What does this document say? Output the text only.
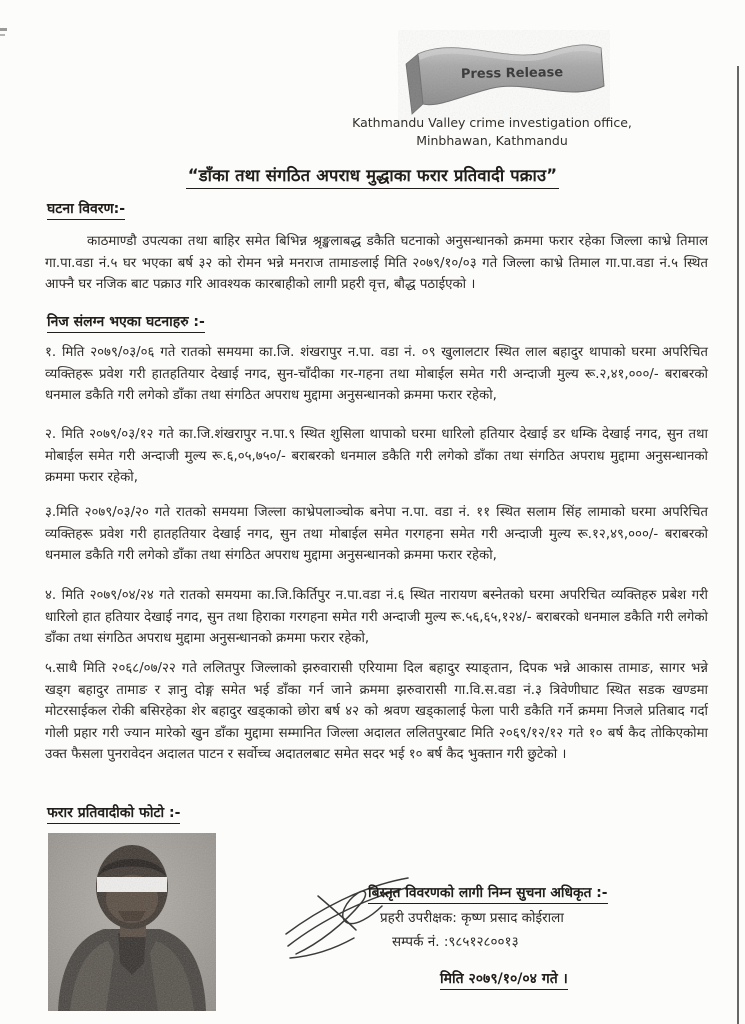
Press Release
Kathmandu Valley crime investigation office,
Minbhawan, Kathmandu
“डाँका तथा संगठित अपराध मुद्धाका फरार प्रतिवादी पक्राउ”
घटना विवरण:-
काठमाण्डौ उपत्यका तथा बाहिर समेत बिभिन्न श्रृङ्खलाबद्ध डकैति घटनाको अनुसन्धानको क्रममा फरार रहेका जिल्ला काभ्रे तिमाल गा.पा.वडा नं.५ घर भएका बर्ष ३२ को रोमन भन्ने मनराज तामाङलाई मिति २०७९/१०/०३ गते जिल्ला काभ्रे तिमाल गा.पा.वडा नं.५ स्थित आफ्नै घर नजिक बाट पक्राउ गरि आवश्यक कारबाहीको लागी प्रहरी वृत्त, बौद्ध पठाईएको ।
निज संलग्न भएका घटनाहरु :-
१. मिति २०७९/०३/०६ गते रातको समयमा का.जि. शंखरापुर न.पा. वडा नं. ०९ खुलालटार स्थित लाल बहादुर थापाको घरमा अपरिचित व्यक्तिहरू प्रवेश गरी हातहतियार देखाई नगद, सुन-चाँदीका गर-गहना तथा मोबाईल समेत गरी अन्दाजी मुल्य रू.२,४१,०००/- बराबरको धनमाल डकैति गरी लगेको डाँका तथा संगठित अपराध मुद्दामा अनुसन्धानको क्रममा फरार रहेको,
२. मिति २०७९/०३/१२ गते का.जि.शंखरापुर न.पा.९ स्थित शुसिला थापाको घरमा धारिलो हतियार देखाई डर धम्कि देखाई नगद, सुन तथा मोबाईल समेत गरी अन्दाजी मुल्य रू.६,०५,७५०/- बराबरको धनमाल डकैति गरी लगेको डाँका तथा संगठित अपराध मुद्दामा अनुसन्धानको क्रममा फरार रहेको,
३.मिति २०७९/०३/२० गते रातको समयमा जिल्ला काभ्रेपलाञ्चोक बनेपा न.पा. वडा नं. ११ स्थित सलाम सिंह लामाको घरमा अपरिचित व्यक्तिहरू प्रवेश गरी हातहतियार देखाई नगद, सुन तथा मोबाईल समेत गरगहना समेत गरी अन्दाजी मुल्य रू.१२,४९,०००/- बराबरको धनमाल डकैति गरी लगेको डाँका तथा संगठित अपराध मुद्दामा अनुसन्धानको क्रममा फरार रहेको,
४. मिति २०७९/०४/२४ गते रातको समयमा का.जि.किर्तिपुर न.पा.वडा नं.६ स्थित नारायण बस्नेतको घरमा अपरिचित व्यक्तिहरु प्रबेश गरी धारिलो हात हतियार देखाई नगद, सुन तथा हिराका गरगहना समेत गरी अन्दाजी मुल्य रू.५६,६५,१२४/- बराबरको धनमाल डकैति गरी लगेको डाँका तथा संगठित अपराध मुद्दामा अनुसन्धानको क्रममा फरार रहेको,
५.साथै मिति २०६८/०७/२२ गते ललितपुर जिल्लाको झरुवारासी एरियामा दिल बहादुर स्याङ्तान, दिपक भन्ने आकास तामाङ, सागर भन्ने खड्ग बहादुर तामाङ र ज्ञानु दोङ्ग समेत भई डाँका गर्न जाने क्रममा झरुवारासी गा.वि.स.वडा नं.३ त्रिवेणीघाट स्थित सडक खण्डमा मोटरसाईकल रोकी बसिरहेका शेर बहादुर खड्काको छोरा बर्ष ४२ को श्रवण खड्कालाई फेला पारी डकैति गर्ने क्रममा निजले प्रतिबाद गर्दा गोली प्रहार गरी ज्यान मारेको खुन डाँका मुद्दामा सम्मानित जिल्ला अदालत ललितपुरबाट मिति २०६९/१२/१२ गते १० बर्ष कैद तोकिएकोमा उक्त फैसला पुनरावेदन अदालत पाटन र सर्वोच्च अदातलबाट समेत सदर भई १० बर्ष कैद भुक्तान गरी छुटेको ।
फरार प्रतिवादीको फोटो :-
बिस्तृत विवरणको लागी निम्न सुचना अधिकृत :-
प्रहरी उपरीक्षक: कृष्ण प्रसाद कोईराला
सम्पर्क नं. :९८५१२८००१३
मिति २०७९/१०/०४ गते ।
